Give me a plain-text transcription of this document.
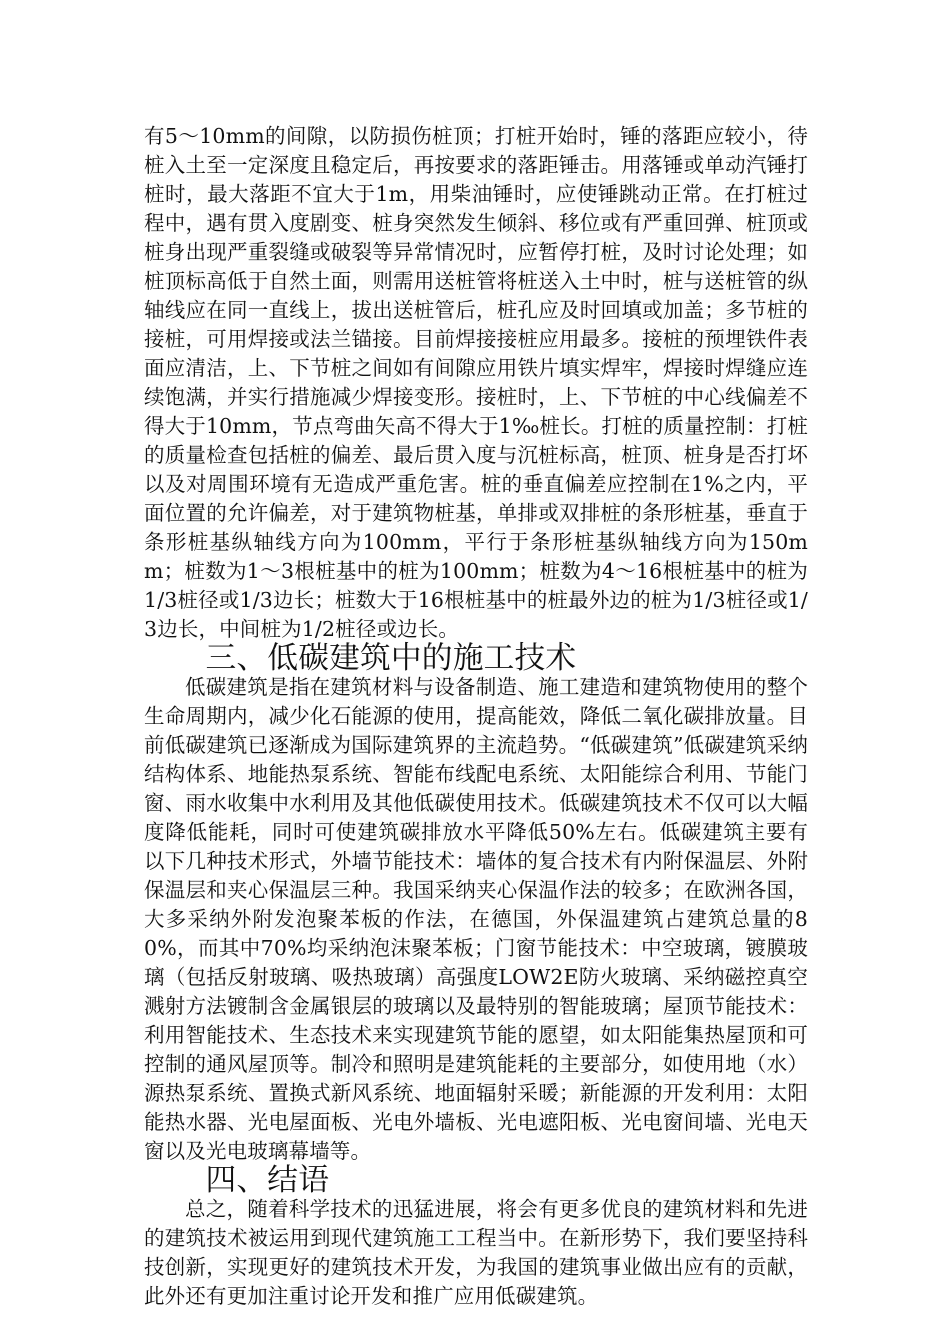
有5～10mm的间隙，以防损伤桩顶；打桩开始时，锤的落距应较小，待桩入土至一定深度且稳定后，再按要求的落距锤击。用落锤或单动汽锤打桩时，最大落距不宜大于1m，用柴油锤时，应使锤跳动正常。在打桩过程中，遇有贯入度剧变、桩身突然发生倾斜、移位或有严重回弹、桩顶或桩身出现严重裂缝或破裂等异常情况时，应暂停打桩，及时讨论处理；如桩顶标高低于自然土面，则需用送桩管将桩送入土中时，桩与送桩管的纵轴线应在同一直线上，拔出送桩管后，桩孔应及时回填或加盖；多节桩的接桩，可用焊接或法兰锚接。目前焊接接桩应用最多。接桩的预埋铁件表面应清洁，上、下节桩之间如有间隙应用铁片填实焊牢，焊接时焊缝应连续饱满，并实行措施减少焊接变形。接桩时，上、下节桩的中心线偏差不得大于10mm，节点弯曲矢高不得大于1‰桩长。打桩的质量控制：打桩的质量检查包括桩的偏差、最后贯入度与沉桩标高，桩顶、桩身是否打坏以及对周围环境有无造成严重危害。桩的垂直偏差应控制在1%之内，平面位置的允许偏差，对于建筑物桩基，单排或双排桩的条形桩基，垂直于条形桩基纵轴线方向为100mm，平行于条形桩基纵轴线方向为150mm；桩数为1～3根桩基中的桩为100mm；桩数为4～16根桩基中的桩为1/3桩径或1/3边长；桩数大于16根桩基中的桩最外边的桩为1/3桩径或1/3边长，中间桩为1/2桩径或边长。

三、低碳建筑中的施工技术

低碳建筑是指在建筑材料与设备制造、施工建造和建筑物使用的整个生命周期内，减少化石能源的使用，提高能效，降低二氧化碳排放量。目前低碳建筑已逐渐成为国际建筑界的主流趋势。“低碳建筑”低碳建筑采纳结构体系、地能热泵系统、智能布线配电系统、太阳能综合利用、节能门窗、雨水收集中水利用及其他低碳使用技术。低碳建筑技术不仅可以大幅度降低能耗，同时可使建筑碳排放水平降低50%左右。低碳建筑主要有以下几种技术形式，外墙节能技术：墙体的复合技术有内附保温层、外附保温层和夹心保温层三种。我国采纳夹心保温作法的较多；在欧洲各国，大多采纳外附发泡聚苯板的作法，在德国，外保温建筑占建筑总量的80%，而其中70%均采纳泡沫聚苯板；门窗节能技术：中空玻璃，镀膜玻璃（包括反射玻璃、吸热玻璃）高强度LOW2E防火玻璃、采纳磁控真空溅射方法镀制含金属银层的玻璃以及最特别的智能玻璃；屋顶节能技术：利用智能技术、生态技术来实现建筑节能的愿望，如太阳能集热屋顶和可控制的通风屋顶等。制冷和照明是建筑能耗的主要部分，如使用地（水）源热泵系统、置换式新风系统、地面辐射采暖；新能源的开发利用：太阳能热水器、光电屋面板、光电外墙板、光电遮阳板、光电窗间墙、光电天窗以及光电玻璃幕墙等。

四、结语

总之，随着科学技术的迅猛进展，将会有更多优良的建筑材料和先进的建筑技术被运用到现代建筑施工工程当中。在新形势下，我们要坚持科技创新，实现更好的建筑技术开发，为我国的建筑事业做出应有的贡献，此外还有更加注重讨论开发和推广应用低碳建筑。
